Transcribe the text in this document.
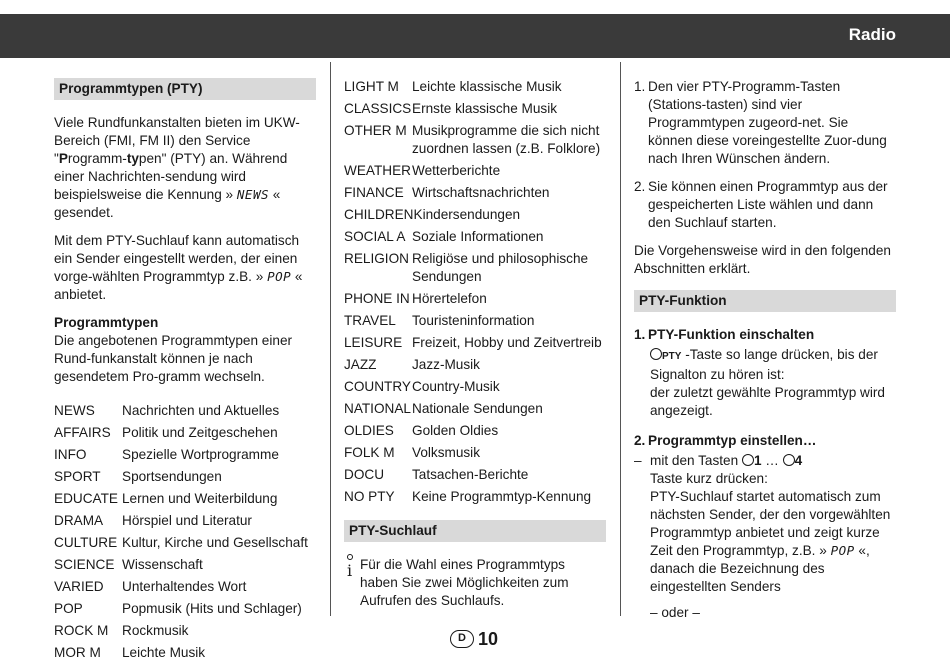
Radio
Programmtypen (PTY)

Viele Rundfunkanstalten bieten im UKW-Bereich (FMI, FM II) den Service "Programm-typen" (PTY) an. Während einer Nachrichten-sendung wird beispielsweise die Kennung » NEWS « gesendet.

Mit dem PTY-Suchlauf kann automatisch ein Sender eingestellt werden, der einen vorge-wählten Programmtyp z.B. » POP « anbietet.

Programmtypen
Die angebotenen Programmtypen einer Rund-funkanstalt können je nach gesendetem Pro-gramm wechseln.
NEWS	Nachrichten und Aktuelles
AFFAIRS Politik und Zeitgeschehen
INFO	Spezielle Wortprogramme
SPORT	Sportsendungen
EDUCATE Lernen und Weiterbildung
DRAMA	Hörspiel und Literatur
CULTURE Kultur, Kirche und Gesellschaft
SCIENCE Wissenschaft
VARIED	Unterhaltendes Wort
POP	Popmusik (Hits und Schlager)
ROCK M	Rockmusik
MOR M	Leichte Musik
LIGHT M Leichte klassische Musik
CLASSICS Ernste klassische Musik
OTHER M Musikprogramme die sich nicht zuordnen lassen (z.B. Folklore)
WEATHER Wetterberichte
FINANCE Wirtschaftsnachrichten
CHILDREN Kindersendungen
SOCIAL A Soziale Informationen
RELIGION Religiöse und philosophische Sendungen
PHONE IN Hörertelefon
TRAVEL	Touristeninformation
LEISURE Freizeit, Hobby und Zeitvertreib
JAZZ	Jazz-Musik
COUNTRY Country-Musik
NATIONAL Nationale Sendungen
OLDIES	Golden Oldies
FOLK M	Volksmusik
DOCU	Tatsachen-Berichte
NO PTY	Keine Programmtyp-Kennung
PTY-Suchlauf
i Für die Wahl eines Programmtyps haben Sie zwei Möglichkeiten zum Aufrufen des Suchlaufs.
1. Den vier PTY-Programm-Tasten (Stations-tasten) sind vier Programmtypen zugeord-net. Sie können diese voreingestellte Zuor-dung nach Ihren Wünschen ändern.
2. Sie können einen Programmtyp aus der gespeicherten Liste wählen und dann den Suchlauf starten.

Die Vorgehensweise wird in den folgenden Abschnitten erklärt.

PTY-Funktion
1. PTY-Funktion einschalten
PTY -Taste so lange drücken, bis der Signalton zu hören ist:
der zuletzt gewählte Programmtyp wird angezeigt.
2. Programmtyp einstellen…
– mit den Tasten 1 … 4
Taste kurz drücken:
PTY-Suchlauf startet automatisch zum nächsten Sender, der den vorgewählten Programmtyp anbietet und zeigt kurze Zeit den Programmtyp, z.B. » POP «, danach die Bezeichnung des eingestellten Senders
– oder –
D 10
